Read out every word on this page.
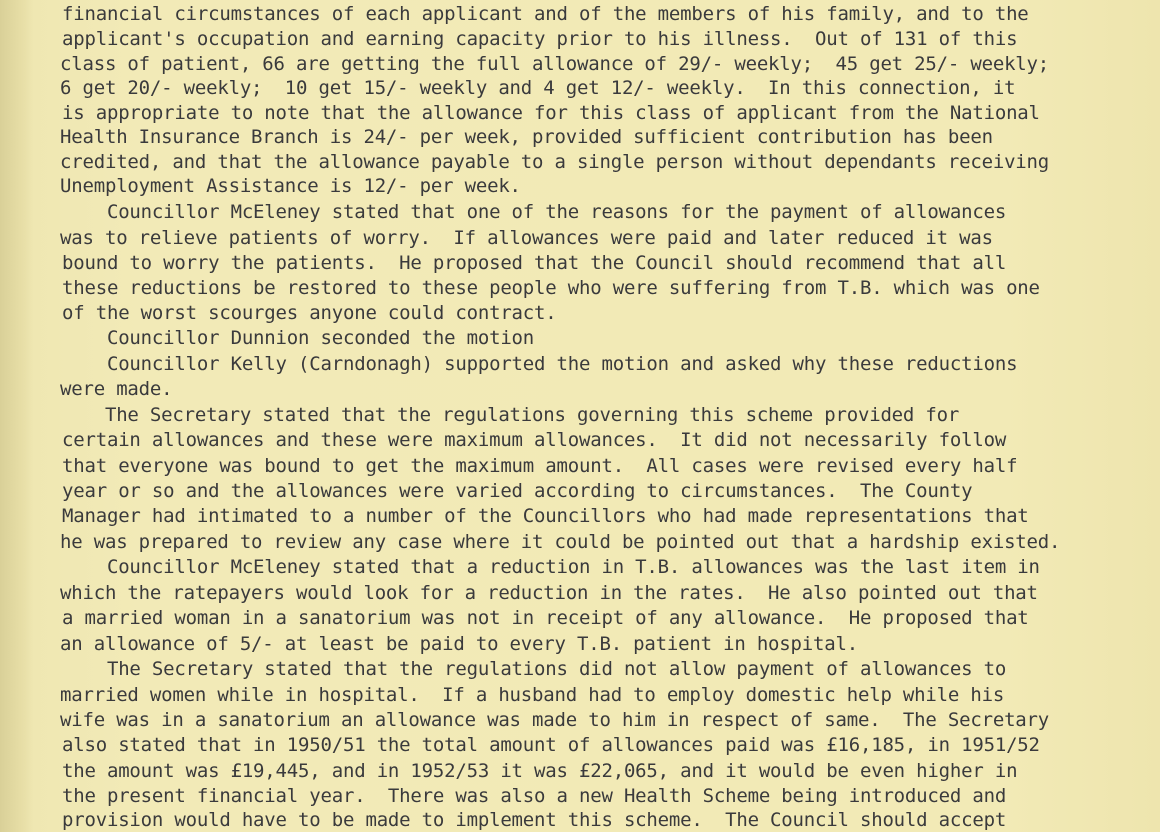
financial circumstances of each applicant and of the members of his family, and to the
applicant's occupation and earning capacity prior to his illness.  Out of 131 of this
class of patient, 66 are getting the full allowance of 29/- weekly;  45 get 25/- weekly;
6 get 20/- weekly;  10 get 15/- weekly and 4 get 12/- weekly.  In this connection, it
is appropriate to note that the allowance for this class of applicant from the National
Health Insurance Branch is 24/- per week, provided sufficient contribution has been
credited, and that the allowance payable to a single person without dependants receiving
Unemployment Assistance is 12/- per week.
Councillor McEleney stated that one of the reasons for the payment of allowances
was to relieve patients of worry.  If allowances were paid and later reduced it was
bound to worry the patients.  He proposed that the Council should recommend that all
these reductions be restored to these people who were suffering from T.B. which was one
of the worst scourges anyone could contract.
Councillor Dunnion seconded the motion
Councillor Kelly (Carndonagh) supported the motion and asked why these reductions
were made.
The Secretary stated that the regulations governing this scheme provided for
certain allowances and these were maximum allowances.  It did not necessarily follow
that everyone was bound to get the maximum amount.  All cases were revised every half
year or so and the allowances were varied according to circumstances.  The County
Manager had intimated to a number of the Councillors who had made representations that
he was prepared to review any case where it could be pointed out that a hardship existed.
Councillor McEleney stated that a reduction in T.B. allowances was the last item in
which the ratepayers would look for a reduction in the rates.  He also pointed out that
a married woman in a sanatorium was not in receipt of any allowance.  He proposed that
an allowance of 5/- at least be paid to every T.B. patient in hospital.
The Secretary stated that the regulations did not allow payment of allowances to
married women while in hospital.  If a husband had to employ domestic help while his
wife was in a sanatorium an allowance was made to him in respect of same.  The Secretary
also stated that in 1950/51 the total amount of allowances paid was £16,185, in 1951/52
the amount was £19,445, and in 1952/53 it was £22,065, and it would be even higher in
the present financial year.  There was also a new Health Scheme being introduced and
provision would have to be made to implement this scheme.  The Council should accept
